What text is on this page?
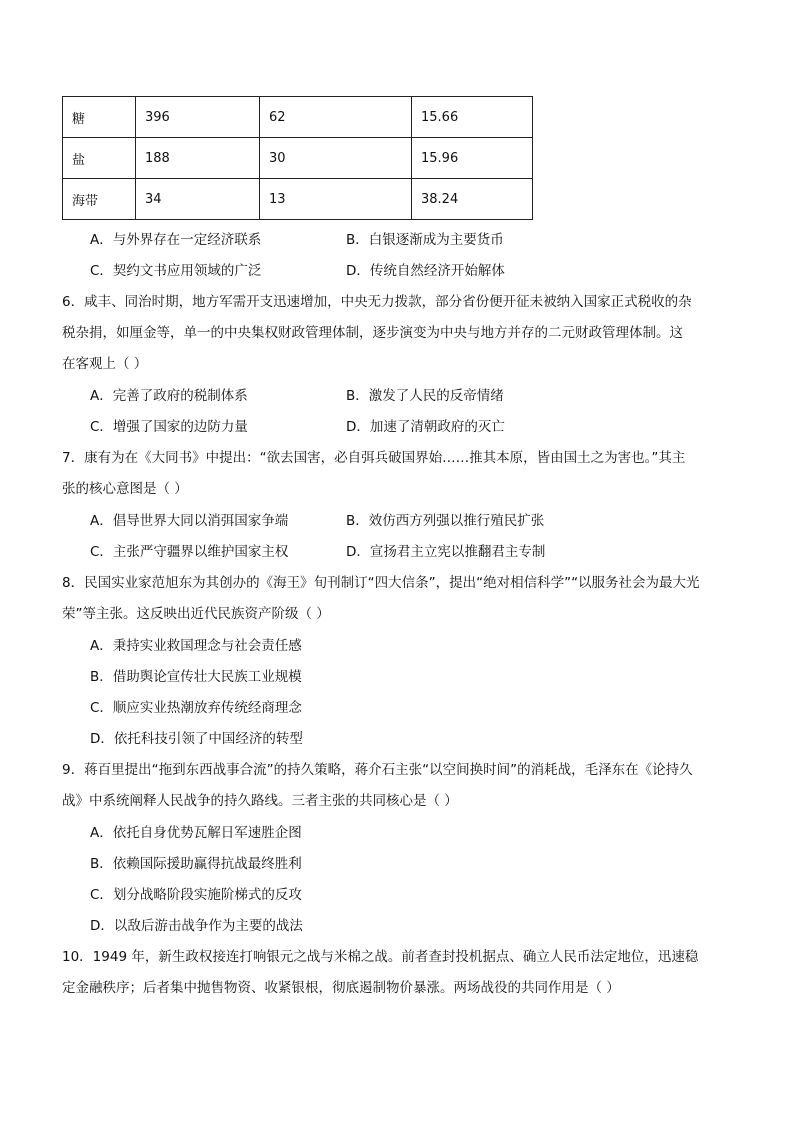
糖	396	62	15.66
盐	188	30	15.96
海带	34	13	38.24
A．与外界存在一定经济联系	B．白银逐渐成为主要货币
C．契约文书应用领域的广泛	D．传统自然经济开始解体
6．咸丰、同治时期，地方军需开支迅速增加，中央无力拨款，部分省份便开征未被纳入国家正式税收的杂
税杂捐，如厘金等，单一的中央集权财政管理体制，逐步演变为中央与地方并存的二元财政管理体制。这
在客观上（ ）
A．完善了政府的税制体系	B．激发了人民的反帝情绪
C．增强了国家的边防力量	D．加速了清朝政府的灭亡
7．康有为在《大同书》中提出：“欲去国害，必自弭兵破国界始……推其本原，皆由国土之为害也。”其主
张的核心意图是（ ）
A．倡导世界大同以消弭国家争端	B．效仿西方列强以推行殖民扩张
C．主张严守疆界以维护国家主权	D．宣扬君主立宪以推翻君主专制
8．民国实业家范旭东为其创办的《海王》旬刊制订“四大信条”，提出“绝对相信科学”“以服务社会为最大光
荣”等主张。这反映出近代民族资产阶级（ ）
A．秉持实业救国理念与社会责任感
B．借助舆论宣传壮大民族工业规模
C．顺应实业热潮放弃传统经商理念
D．依托科技引领了中国经济的转型
9．蒋百里提出“拖到东西战事合流”的持久策略，蒋介石主张“以空间换时间”的消耗战，毛泽东在《论持久
战》中系统阐释人民战争的持久路线。三者主张的共同核心是（ ）
A．依托自身优势瓦解日军速胜企图
B．依赖国际援助赢得抗战最终胜利
C．划分战略阶段实施阶梯式的反攻
D．以敌后游击战争作为主要的战法
10．1949 年，新生政权接连打响银元之战与米棉之战。前者查封投机据点、确立人民币法定地位，迅速稳
定金融秩序；后者集中抛售物资、收紧银根，彻底遏制物价暴涨。两场战役的共同作用是（ ）
